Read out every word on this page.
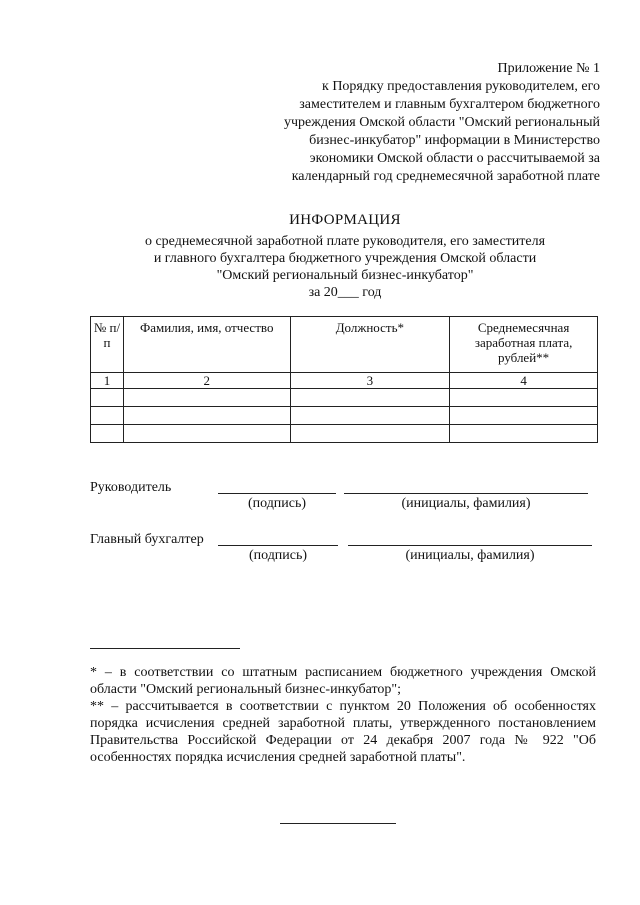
Приложение № 1
к Порядку предоставления руководителем, его
заместителем и главным бухгалтером бюджетного
учреждения Омской области "Омский региональный
бизнес-инкубатор" информации в Министерство
экономики Омской области о рассчитываемой за
календарный год среднемесячной заработной плате
ИНФОРМАЦИЯ
о среднемесячной заработной плате руководителя, его заместителя
и главного бухгалтера бюджетного учреждения Омской области
"Омский региональный бизнес-инкубатор"
за 20___ год
№ п/п	Фамилия, имя, отчество	Должность*	Среднемесячная заработная плата, рублей**
1	2	3	4

Руководитель
(подпись)	(инициалы, фамилия)
Главный бухгалтер
(подпись)	(инициалы, фамилия)

* – в соответствии со штатным расписанием бюджетного учреждения Омской области "Омский региональный бизнес-инкубатор";

** – рассчитывается в соответствии с пунктом 20 Положения об особенностях порядка исчисления средней заработной платы, утвержденного постановлением Правительства Российской Федерации от 24 декабря 2007 года № 922 "Об особенностях порядка исчисления средней заработной платы".
